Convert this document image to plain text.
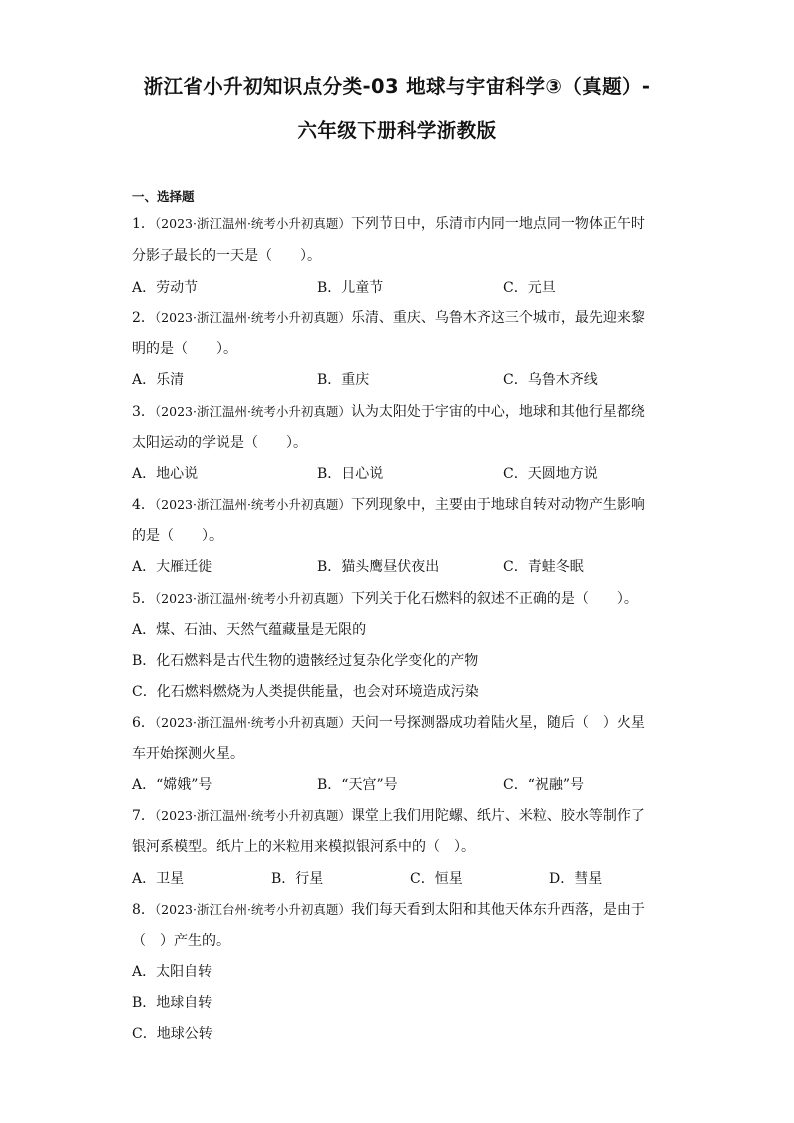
浙江省小升初知识点分类-03 地球与宇宙科学③（真题）-
六年级下册科学浙教版
一、选择题
1．（2023·浙江温州·统考小升初真题）下列节日中，乐清市内同一地点同一物体正午时
分影子最长的一天是（　　）。
A．劳动节	B．儿童节	C．元旦
2．（2023·浙江温州·统考小升初真题）乐清、重庆、乌鲁木齐这三个城市，最先迎来黎
明的是（　　）。
A．乐清	B．重庆	C．乌鲁木齐线
3．（2023·浙江温州·统考小升初真题）认为太阳处于宇宙的中心，地球和其他行星都绕
太阳运动的学说是（　　）。
A．地心说	B．日心说	C．天圆地方说
4．（2023·浙江温州·统考小升初真题）下列现象中，主要由于地球自转对动物产生影响
的是（　　）。
A．大雁迁徙	B．猫头鹰昼伏夜出	C．青蛙冬眠
5．（2023·浙江温州·统考小升初真题）下列关于化石燃料的叙述不正确的是（　　）。
A．煤、石油、天然气蕴藏量是无限的
B．化石燃料是古代生物的遗骸经过复杂化学变化的产物
C．化石燃料燃烧为人类提供能量，也会对环境造成污染
6．（2023·浙江温州·统考小升初真题）天问一号探测器成功着陆火星，随后（　）火星
车开始探测火星。
A．“嫦娥”号	B．“天宫”号	C．“祝融”号
7．（2023·浙江温州·统考小升初真题）课堂上我们用陀螺、纸片、米粒、胶水等制作了
银河系模型。纸片上的米粒用来模拟银河系中的（　）。
A．卫星	B．行星	C．恒星	D．彗星
8．（2023·浙江台州·统考小升初真题）我们每天看到太阳和其他天体东升西落，是由于
（　）产生的。
A．太阳自转
B．地球自转
C．地球公转
